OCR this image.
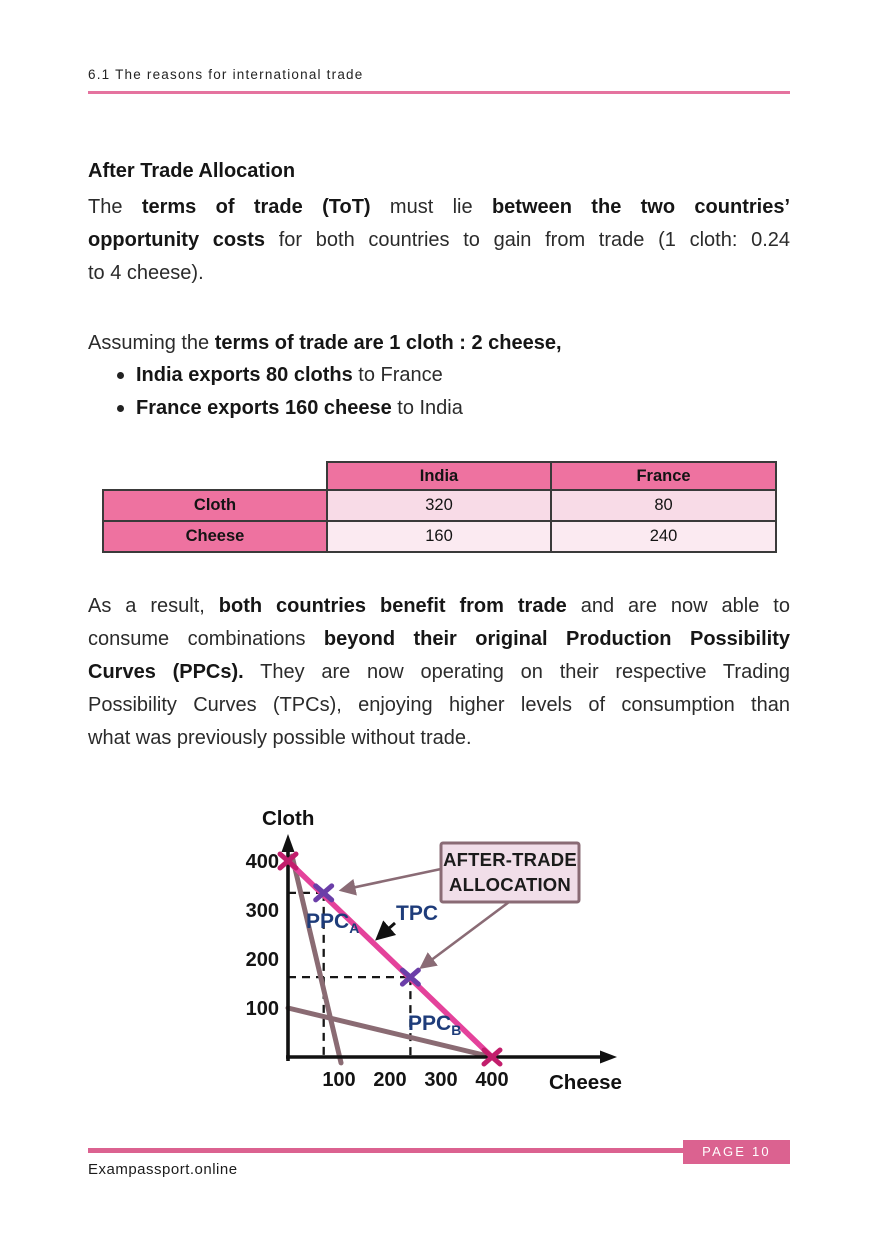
6.1 The reasons for international trade
After Trade Allocation
The terms of trade (ToT) must lie between the two countries’
opportunity costs for both countries to gain from trade (1 cloth: 0.24
to 4 cheese).
Assuming the terms of trade are 1 cloth : 2 cheese,
India exports 80 cloths to France
France exports 160 cheese to India
	India	France
Cloth	320	80
Cheese	160	240
As a result, both countries benefit from trade and are now able to
consume combinations beyond their original Production Possibility
Curves (PPCs). They are now operating on their respective Trading
Possibility Curves (TPCs), enjoying higher levels of consumption than
what was previously possible without trade.
100
200
300
400
100 200 300 400
Cloth
Cheese
$PPC_A$
$PPC_B$
TPC
AFTER-TRADE
ALLOCATION
PAGE 10
Exampassport.online
